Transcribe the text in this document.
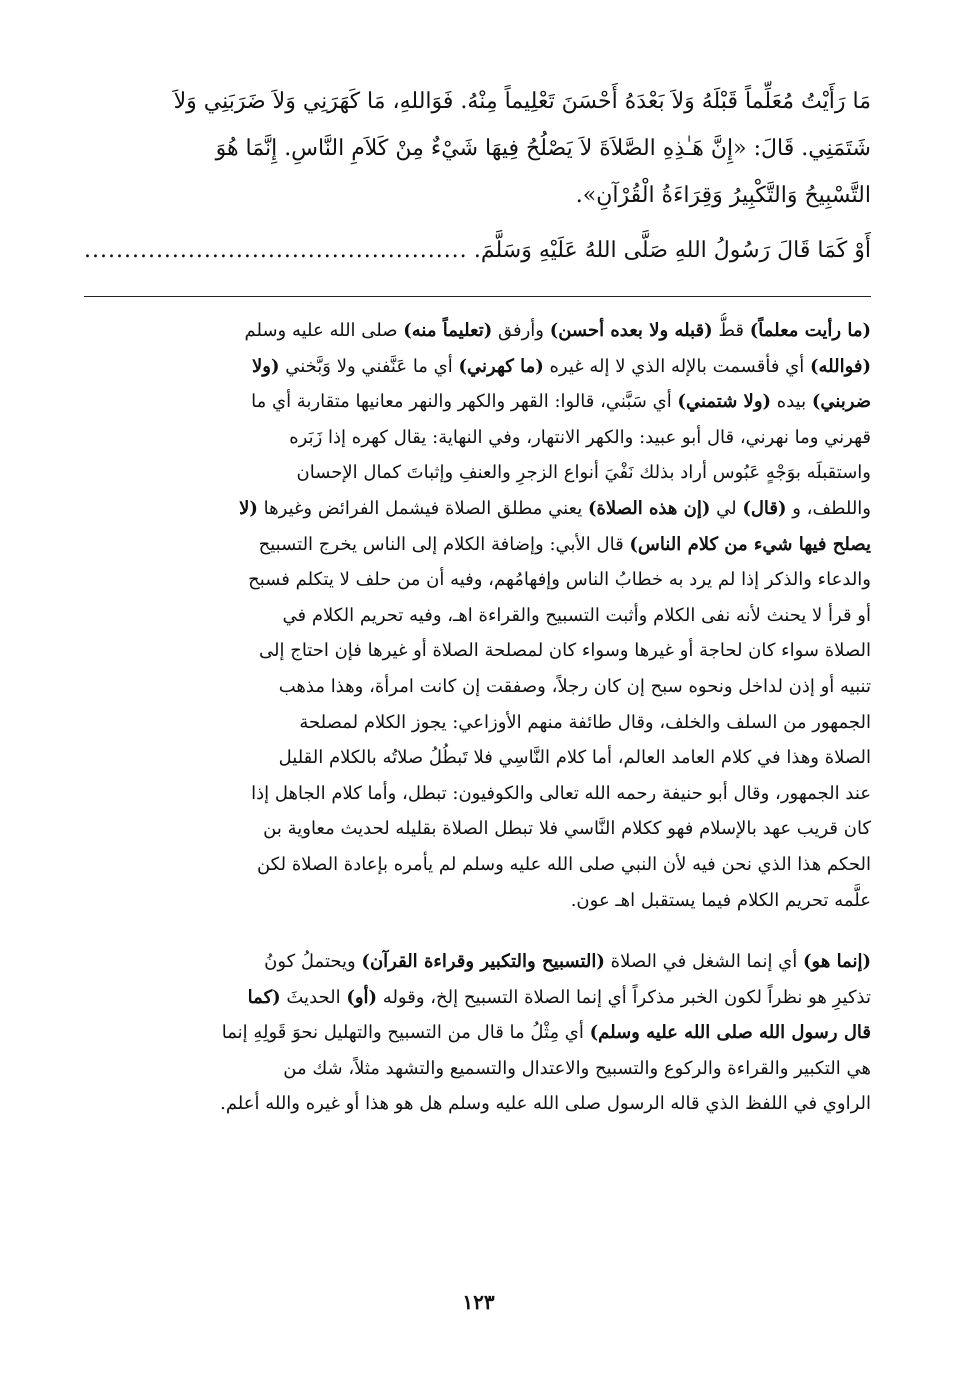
مَا رَأَيْتُ مُعَلِّماً قَبْلَهُ وَلاَ بَعْدَهُ أَحْسَنَ تَعْلِيماً مِنْهُ. فَوَاللهِ، مَا كَهَرَنِي وَلاَ ضَرَبَنِي وَلاَ
شَتَمَنِي. قَالَ: «إِنَّ هَـٰذِهِ الصَّلاَةَ لاَ يَصْلُحُ فِيهَا شَيْءٌ مِنْ كَلاَمِ النَّاسِ. إِنَّمَا هُوَ
التَّسْبِيحُ وَالتَّكْبِيرُ وَقِرَاءَةُ الْقُرْآنِ».
أَوْ كَمَا قَالَ رَسُولُ اللهِ صَلَّى اللهُ عَلَيْهِ وَسَلَّمَ.
................................................
(ما رأيت معلماً) قطُّ (قبله ولا بعده أحسن) وأرفق (تعليماً منه) صلى الله عليه وسلم
(فوالله) أي فأقسمت بالإله الذي لا إله غيره (ما كهرني) أي ما عَنَّفني ولا وَبَّخني (ولا
ضربني) بيده (ولا شتمني) أي سَبَّني، قالوا: القهر والكهر والنهر معانيها متقاربة أي ما
قهرني وما نهرني، قال أبو عبيد: والكهر الانتهار، وفي النهاية: يقال كهره إذا زَبَره
واستقبلَه بوَجْهٍ عَبُوس أراد بذلك نَفْيَ أنواع الزجرِ والعنفِ وإثباتَ كمال الإحسان
واللطف، و (قال) لي (إن هذه الصلاة) يعني مطلق الصلاة فيشمل الفرائض وغيرها (لا
يصلح فيها شيء من كلام الناس) قال الأبي: وإضافة الكلام إلى الناس يخرج التسبيح
والدعاء والذكر إذا لم يرد به خطابُ الناس وإفهامُهم، وفيه أن من حلف لا يتكلم فسبح
أو قرأ لا يحنث لأنه نفى الكلام وأثبت التسبيح والقراءة اهـ، وفيه تحريم الكلام في
الصلاة سواء كان لحاجة أو غيرها وسواء كان لمصلحة الصلاة أو غيرها فإن احتاج إلى
تنبيه أو إذن لداخل ونحوه سبح إن كان رجلاً، وصفقت إن كانت امرأة، وهذا مذهب
الجمهور من السلف والخلف، وقال طائفة منهم الأوزاعي: يجوز الكلام لمصلحة
الصلاة وهذا في كلام العامد العالم، أما كلام النَّاسِي فلا تَبطُلُ صلاتُه بالكلام القليل
عند الجمهور، وقال أبو حنيفة رحمه الله تعالى والكوفيون: تبطل، وأما كلام الجاهل إذا
كان قريب عهد بالإسلام فهو ككلام النَّاسي فلا تبطل الصلاة بقليله لحديث معاوية بن
الحكم هذا الذي نحن فيه لأن النبي صلى الله عليه وسلم لم يأمره بإعادة الصلاة لكن
علَّمه تحريم الكلام فيما يستقبل اهـ عون.
(إنما هو) أي إنما الشغل في الصلاة (التسبيح والتكبير وقراءة القرآن) ويحتملُ كونُ
تذكيرِ هو نظراً لكون الخبر مذكراً أي إنما الصلاة التسبيح إلخ، وقوله (أو) الحديثَ (كما
قال رسول الله صلى الله عليه وسلم) أي مِثْلُ ما قال من التسبيح والتهليل نحوَ قَولِهِ إنما
هي التكبير والقراءة والركوع والتسبيح والاعتدال والتسميع والتشهد مثلاً، شك من
الراوي في اللفظ الذي قاله الرسول صلى الله عليه وسلم هل هو هذا أو غيره والله أعلم.
١٢٣
